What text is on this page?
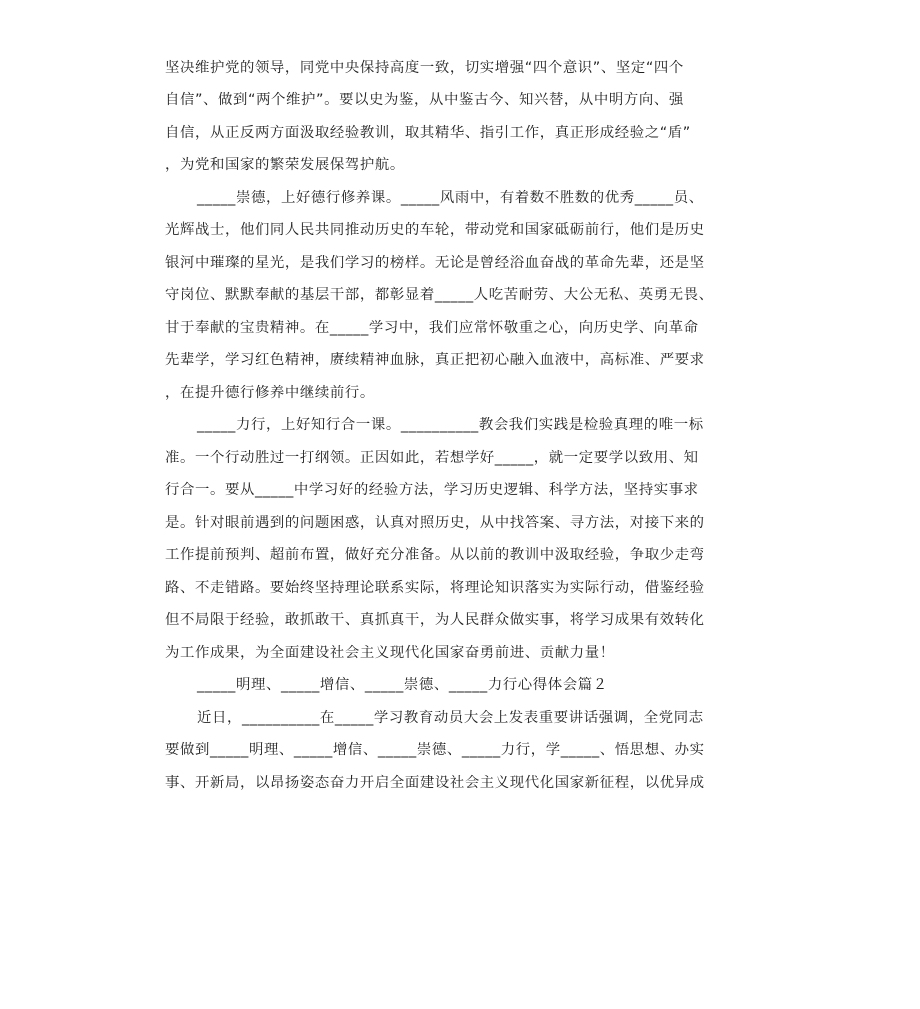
坚决维护党的领导，同党中央保持高度一致，切实增强“四个意识”、坚定“四个
自信”、做到“两个维护”。要以史为鉴，从中鉴古今、知兴替，从中明方向、强
自信，从正反两方面汲取经验教训，取其精华、指引工作，真正形成经验之“盾”
，为党和国家的繁荣发展保驾护航。
_____崇德，上好德行修养课。_____风雨中，有着数不胜数的优秀_____员、
光辉战士，他们同人民共同推动历史的车轮，带动党和国家砥砺前行，他们是历史
银河中璀璨的星光，是我们学习的榜样。无论是曾经浴血奋战的革命先辈，还是坚
守岗位、默默奉献的基层干部，都彰显着_____人吃苦耐劳、大公无私、英勇无畏、
甘于奉献的宝贵精神。在_____学习中，我们应常怀敬重之心，向历史学、向革命
先辈学，学习红色精神，赓续精神血脉，真正把初心融入血液中，高标准、严要求
，在提升德行修养中继续前行。
_____力行，上好知行合一课。__________教会我们实践是检验真理的唯一标
准。一个行动胜过一打纲领。正因如此，若想学好_____，就一定要学以致用、知
行合一。要从_____中学习好的经验方法，学习历史逻辑、科学方法，坚持实事求
是。针对眼前遇到的问题困惑，认真对照历史，从中找答案、寻方法，对接下来的
工作提前预判、超前布置，做好充分准备。从以前的教训中汲取经验，争取少走弯
路、不走错路。要始终坚持理论联系实际，将理论知识落实为实际行动，借鉴经验
但不局限于经验，敢抓敢干、真抓真干，为人民群众做实事，将学习成果有效转化
为工作成果，为全面建设社会主义现代化国家奋勇前进、贡献力量！
_____明理、_____增信、_____崇德、_____力行心得体会篇２
近日，__________在_____学习教育动员大会上发表重要讲话强调，全党同志
要做到_____明理、_____增信、_____崇德、_____力行，学_____、悟思想、办实
事、开新局，以昂扬姿态奋力开启全面建设社会主义现代化国家新征程，以优异成
